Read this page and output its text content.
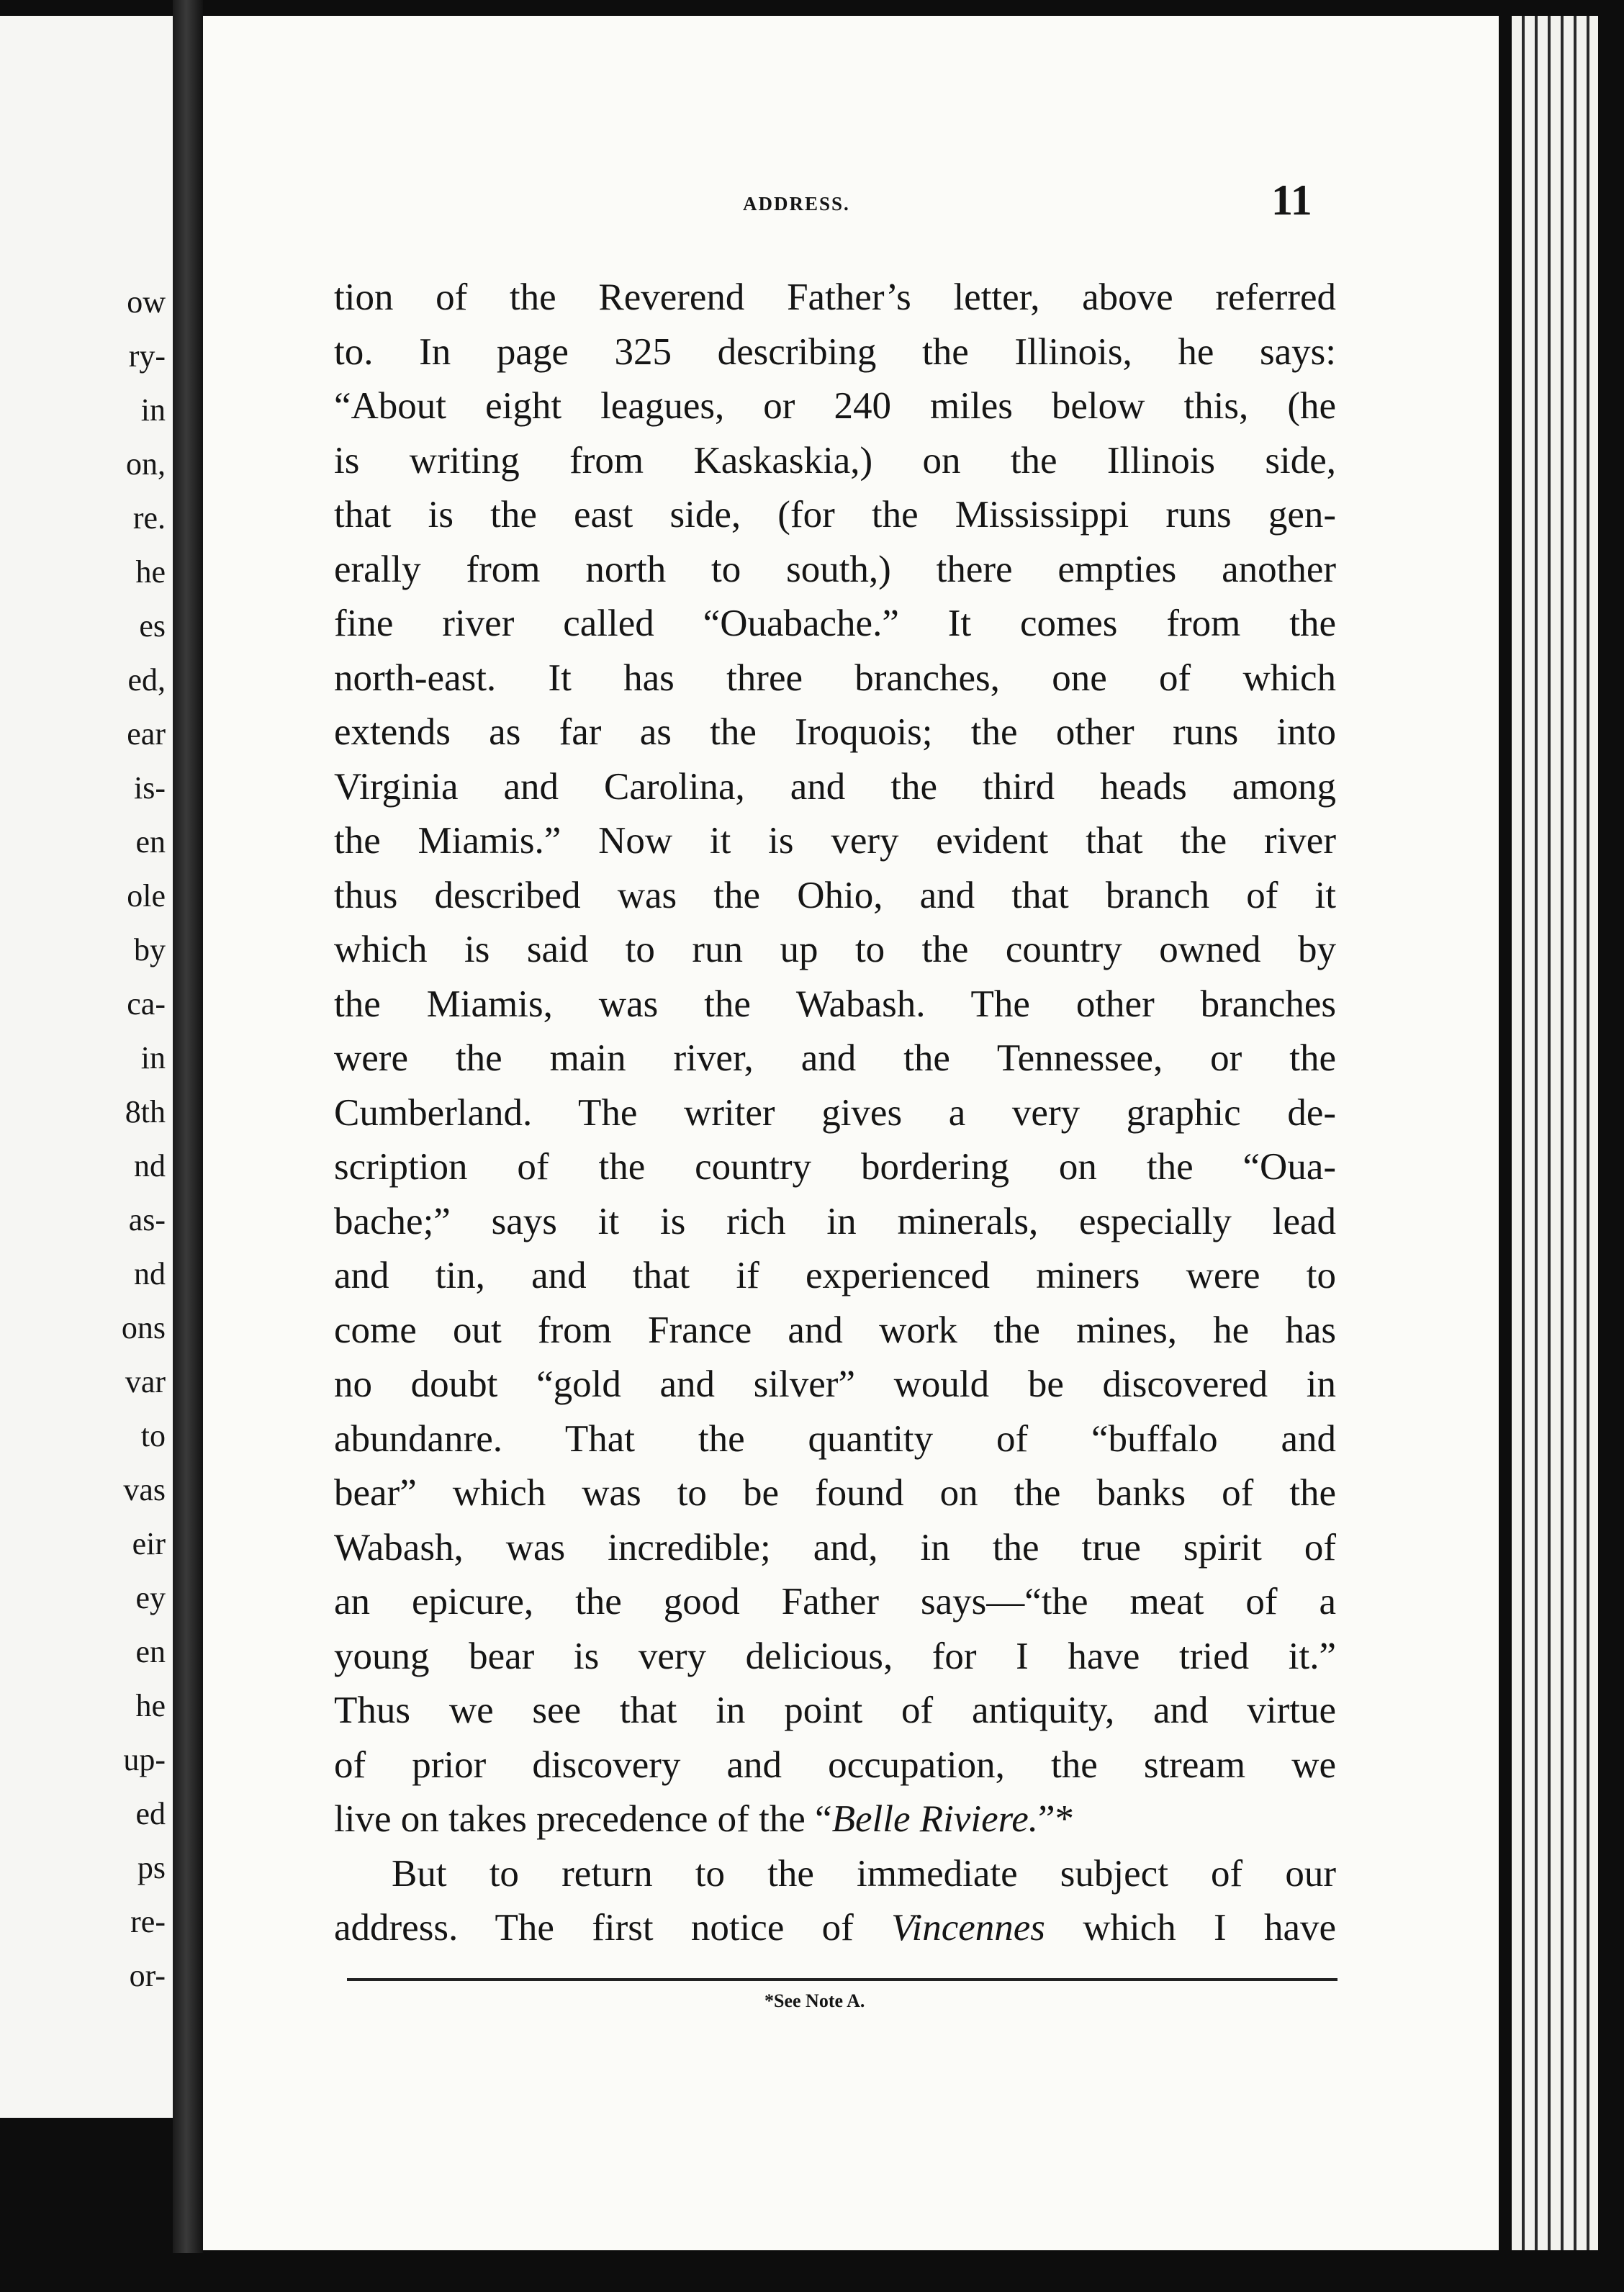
ow
ry-
in
on,
re.
he
es
ed,
ear
is-
en
ole
by
ca-
in
8th
nd
as-
nd
ons
var
to
vas
eir
ey
en
he
up-
ed
ps
re-
or-
ADDRESS.	11
tion of the Reverend Father’s letter, above referred
to. In page 325 describing the Illinois, he says:
“About eight leagues, or 240 miles below this, (he
is writing from Kaskaskia,) on the Illinois side,
that is the east side, (for the Mississippi runs gen-
erally from north to south,) there empties another
fine river called “Ouabache.” It comes from the
north-east. It has three branches, one of which
extends as far as the Iroquois; the other runs into
Virginia and Carolina, and the third heads among
the Miamis.” Now it is very evident that the river
thus described was the Ohio, and that branch of it
which is said to run up to the country owned by
the Miamis, was the Wabash. The other branches
were the main river, and the Tennessee, or the
Cumberland. The writer gives a very graphic de-
scription of the country bordering on the “Oua-
bache;” says it is rich in minerals, especially lead
and tin, and that if experienced miners were to
come out from France and work the mines, he has
no doubt “gold and silver” would be discovered in
abundanre. That the quantity of “buffalo and
bear” which was to be found on the banks of the
Wabash, was incredible; and, in the true spirit of
an epicure, the good Father says—“the meat of a
young bear is very delicious, for I have tried it.”
Thus we see that in point of antiquity, and virtue
of prior discovery and occupation, the stream we
live on takes precedence of the “Belle Riviere.”*
But to return to the immediate subject of our
address. The first notice of Vincennes which I have
*See Note A.
